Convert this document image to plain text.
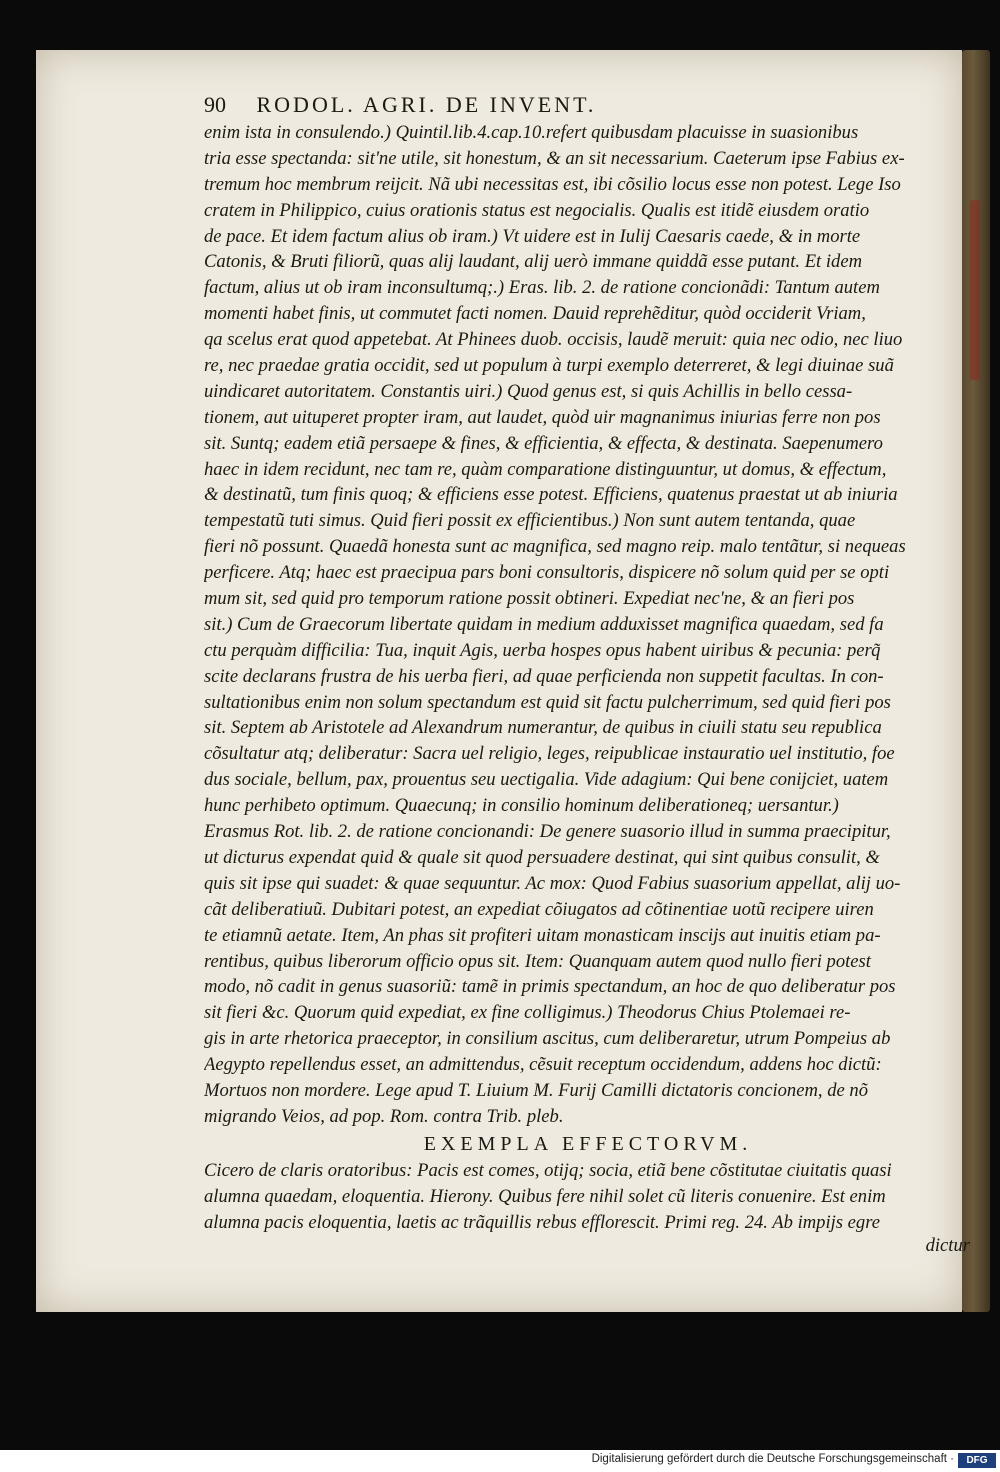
90 RODOL. AGRI. DE INVENT.
enim ista in consulendo.) Quintil.lib.4.cap.10.refert quibusdam placuisse in suasionibus
tria esse spectanda: sit'ne utile, sit honestum, & an sit necessarium. Caeterum ipse Fabius ex-
tremum hoc membrum reijcit. Nã ubi necessitas est, ibi cõsilio locus esse non potest. Lege Iso
cratem in Philippico, cuius orationis status est negocialis. Qualis est itidẽ eiusdem oratio
de pace. Et idem factum alius ob iram.) Vt uidere est in Iulij Caesaris caede, & in morte
Catonis, & Bruti filiorũ, quas alij laudant, alij uerò immane quiddã esse putant. Et idem
factum, alius ut ob iram inconsultumq;.) Eras. lib. 2. de ratione concionãdi: Tantum autem
momenti habet finis, ut commutet facti nomen. Dauid reprehẽditur, quòd occiderit Vriam,
qa scelus erat quod appetebat. At Phinees duob. occisis, laudẽ meruit: quia nec odio, nec liuo
re, nec praedae gratia occidit, sed ut populum à turpi exemplo deterreret, & legi diuinae suã
uindicaret autoritatem. Constantis uiri.) Quod genus est, si quis Achillis in bello cessa-
tionem, aut uituperet propter iram, aut laudet, quòd uir magnanimus iniurias ferre non pos
sit. Suntq; eadem etiã persaepe & fines, & efficientia, & effecta, & destinata. Saepenumero
haec in idem recidunt, nec tam re, quàm comparatione distinguuntur, ut domus, & effectum,
& destinatũ, tum finis quoq; & efficiens esse potest. Efficiens, quatenus praestat ut ab iniuria
tempestatũ tuti simus. Quid fieri possit ex efficientibus.) Non sunt autem tentanda, quae
fieri nõ possunt. Quaedã honesta sunt ac magnifica, sed magno reip. malo tentãtur, si nequeas
perficere. Atq; haec est praecipua pars boni consultoris, dispicere nõ solum quid per se opti
mum sit, sed quid pro temporum ratione possit obtineri. Expediat nec'ne, & an fieri pos
sit.) Cum de Graecorum libertate quidam in medium adduxisset magnifica quaedam, sed fa
ctu perquàm difficilia: Tua, inquit Agis, uerba hospes opus habent uiribus & pecunia: perq̃
scite declarans frustra de his uerba fieri, ad quae perficienda non suppetit facultas. In con-
sultationibus enim non solum spectandum est quid sit factu pulcherrimum, sed quid fieri pos
sit. Septem ab Aristotele ad Alexandrum numerantur, de quibus in ciuili statu seu republica
cõsultatur atq; deliberatur: Sacra uel religio, leges, reipublicae instauratio uel institutio, foe
dus sociale, bellum, pax, prouentus seu uectigalia. Vide adagium: Qui bene conijciet, uatem
hunc perhibeto optimum. Quaecunq; in consilio hominum deliberationeq; uersantur.)
Erasmus Rot. lib. 2. de ratione concionandi: De genere suasorio illud in summa praecipitur,
ut dicturus expendat quid & quale sit quod persuadere destinat, qui sint quibus consulit, &
quis sit ipse qui suadet: & quae sequuntur. Ac mox: Quod Fabius suasorium appellat, alij uo-
cãt deliberatiuũ. Dubitari potest, an expediat cõiugatos ad cõtinentiae uotũ recipere uiren
te etiamnũ aetate. Item, An phas sit profiteri uitam monasticam inscijs aut inuitis etiam pa-
rentibus, quibus liberorum officio opus sit. Item: Quanquam autem quod nullo fieri potest
modo, nõ cadit in genus suasoriũ: tamẽ in primis spectandum, an hoc de quo deliberatur pos
sit fieri &c. Quorum quid expediat, ex fine colligimus.) Theodorus Chius Ptolemaei re-
gis in arte rhetorica praeceptor, in consilium ascitus, cum deliberaretur, utrum Pompeius ab
Aegypto repellendus esset, an admittendus, cẽsuit receptum occidendum, addens hoc dictũ:
Mortuos non mordere. Lege apud T. Liuium M. Furij Camilli dictatoris concionem, de nõ
migrando Veios, ad pop. Rom. contra Trib. pleb.
EXEMPLA EFFECTORVM.
Cicero de claris oratoribus: Pacis est comes, otijq; socia, etiã bene cõstitutae ciuitatis quasi
alumna quaedam, eloquentia. Hierony. Quibus fere nihil solet cũ literis conuenire. Est enim
alumna pacis eloquentia, laetis ac trãquillis rebus efflorescit. Primi reg. 24. Ab impijs egre
dictur
Digitalisierung gefördert durch die Deutsche Forschungsgemeinschaft ·	DFG
